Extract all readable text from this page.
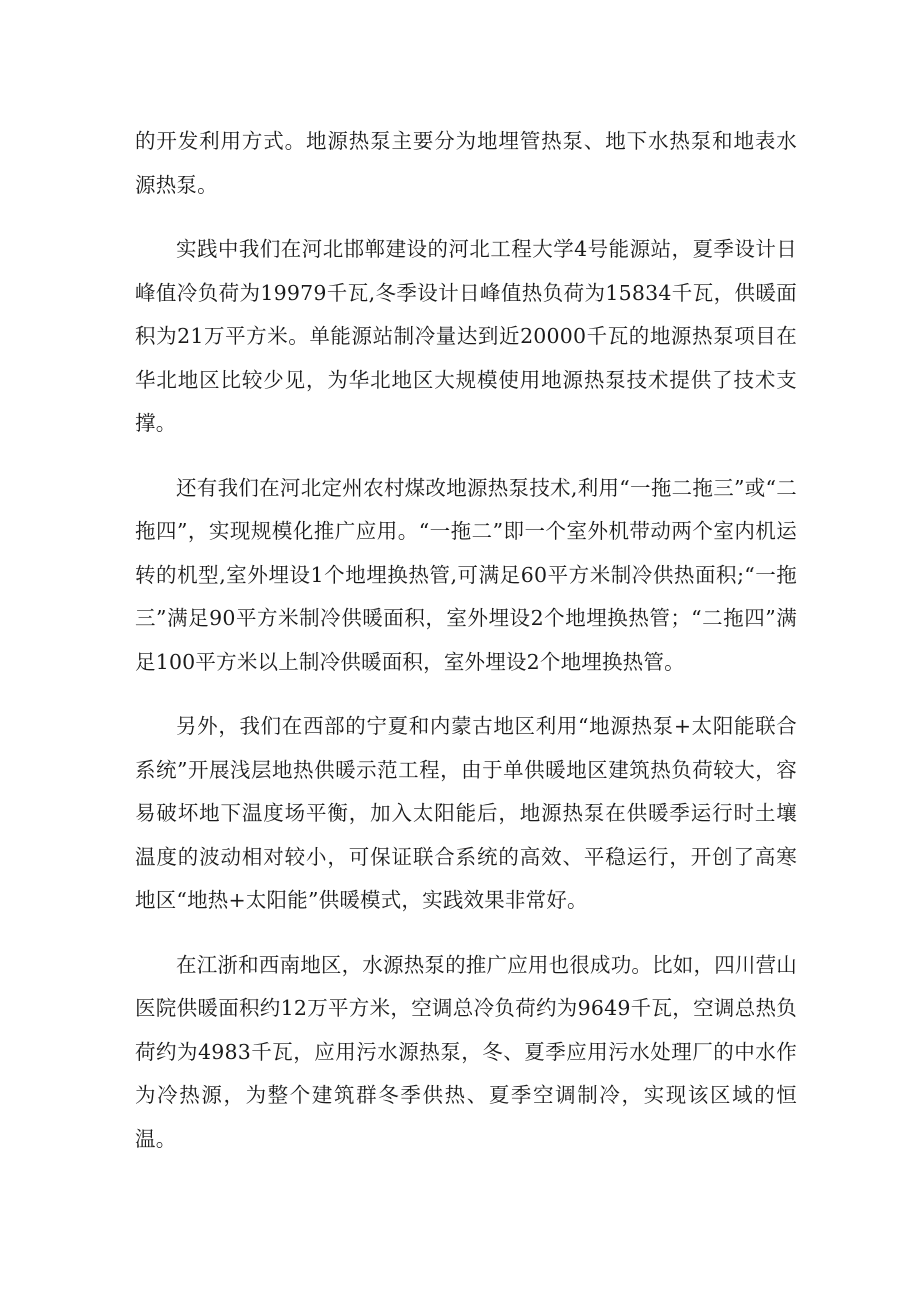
的开发利用方式。地源热泵主要分为地埋管热泵、地下水热泵和地表水源热泵。

实践中我们在河北邯郸建设的河北工程大学4号能源站，夏季设计日峰值冷负荷为19979千瓦,冬季设计日峰值热负荷为15834千瓦，供暖面积为21万平方米。单能源站制冷量达到近20000千瓦的地源热泵项目在华北地区比较少见，为华北地区大规模使用地源热泵技术提供了技术支撑。

还有我们在河北定州农村煤改地源热泵技术,利用“一拖二拖三”或“二拖四”，实现规模化推广应用。“一拖二”即一个室外机带动两个室内机运转的机型,室外埋设1个地埋换热管,可满足60平方米制冷供热面积;“一拖三”满足90平方米制冷供暖面积，室外埋设2个地埋换热管；“二拖四”满足100平方米以上制冷供暖面积，室外埋设2个地埋换热管。

另外，我们在西部的宁夏和内蒙古地区利用“地源热泵+太阳能联合系统”开展浅层地热供暖示范工程，由于单供暖地区建筑热负荷较大，容易破坏地下温度场平衡，加入太阳能后，地源热泵在供暖季运行时土壤温度的波动相对较小，可保证联合系统的高效、平稳运行，开创了高寒地区“地热+太阳能”供暖模式，实践效果非常好。

在江浙和西南地区，水源热泵的推广应用也很成功。比如，四川营山医院供暖面积约12万平方米，空调总冷负荷约为9649千瓦，空调总热负荷约为4983千瓦，应用污水源热泵，冬、夏季应用污水处理厂的中水作为冷热源，为整个建筑群冬季供热、夏季空调制冷，实现该区域的恒温。
